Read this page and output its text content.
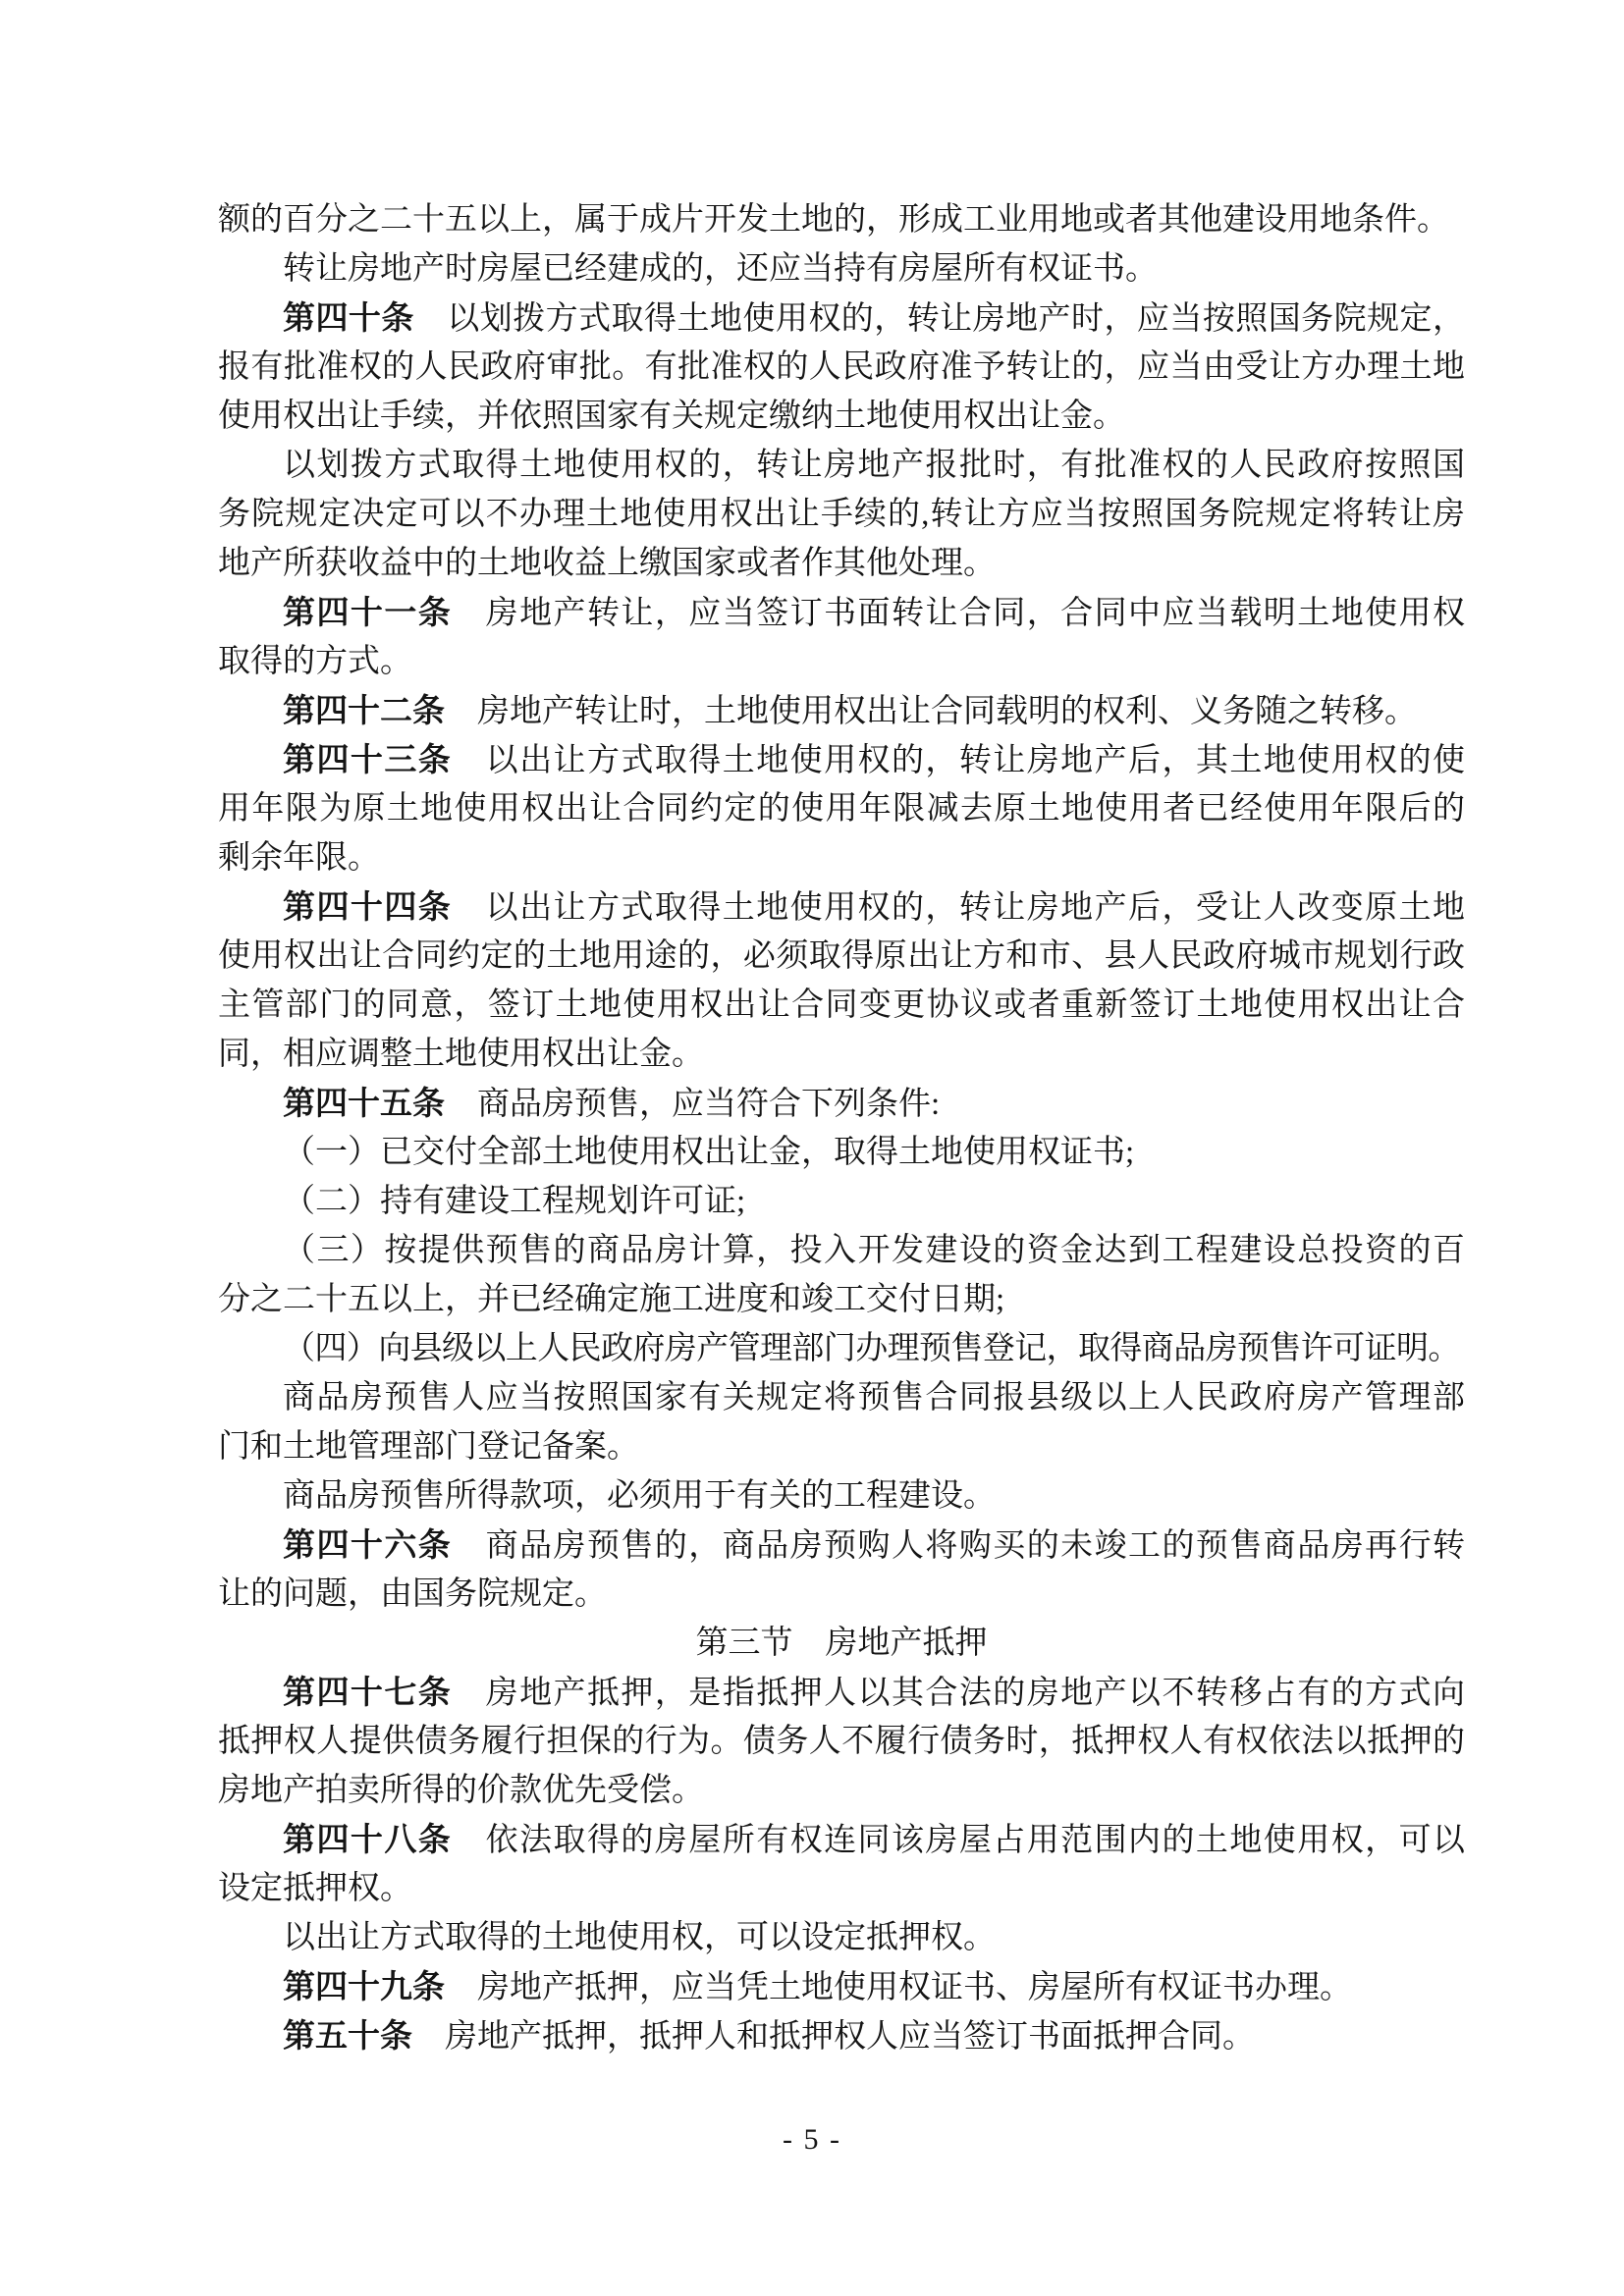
额的百分之二十五以上，属于成片开发土地的，形成工业用地或者其他建设用地条件。
转让房地产时房屋已经建成的，还应当持有房屋所有权证书。
第四十条　以划拨方式取得土地使用权的，转让房地产时，应当按照国务院规定，
报有批准权的人民政府审批。有批准权的人民政府准予转让的，应当由受让方办理土地
使用权出让手续，并依照国家有关规定缴纳土地使用权出让金。
以划拨方式取得土地使用权的，转让房地产报批时，有批准权的人民政府按照国
务院规定决定可以不办理土地使用权出让手续的,转让方应当按照国务院规定将转让房
地产所获收益中的土地收益上缴国家或者作其他处理。
第四十一条　房地产转让，应当签订书面转让合同，合同中应当载明土地使用权
取得的方式。
第四十二条　房地产转让时，土地使用权出让合同载明的权利、义务随之转移。
第四十三条　以出让方式取得土地使用权的，转让房地产后，其土地使用权的使
用年限为原土地使用权出让合同约定的使用年限减去原土地使用者已经使用年限后的
剩余年限。
第四十四条　以出让方式取得土地使用权的，转让房地产后，受让人改变原土地
使用权出让合同约定的土地用途的，必须取得原出让方和市、县人民政府城市规划行政
主管部门的同意，签订土地使用权出让合同变更协议或者重新签订土地使用权出让合
同，相应调整土地使用权出让金。
第四十五条　商品房预售，应当符合下列条件:
（一）已交付全部土地使用权出让金，取得土地使用权证书;
（二）持有建设工程规划许可证;
（三）按提供预售的商品房计算，投入开发建设的资金达到工程建设总投资的百
分之二十五以上，并已经确定施工进度和竣工交付日期;
（四）向县级以上人民政府房产管理部门办理预售登记，取得商品房预售许可证明。
商品房预售人应当按照国家有关规定将预售合同报县级以上人民政府房产管理部
门和土地管理部门登记备案。
商品房预售所得款项，必须用于有关的工程建设。
第四十六条　商品房预售的，商品房预购人将购买的未竣工的预售商品房再行转
让的问题，由国务院规定。
第三节　房地产抵押
第四十七条　房地产抵押，是指抵押人以其合法的房地产以不转移占有的方式向
抵押权人提供债务履行担保的行为。债务人不履行债务时，抵押权人有权依法以抵押的
房地产拍卖所得的价款优先受偿。
第四十八条　依法取得的房屋所有权连同该房屋占用范围内的土地使用权，可以
设定抵押权。
以出让方式取得的土地使用权，可以设定抵押权。
第四十九条　房地产抵押，应当凭土地使用权证书、房屋所有权证书办理。
第五十条　房地产抵押，抵押人和抵押权人应当签订书面抵押合同。
- 5 -
